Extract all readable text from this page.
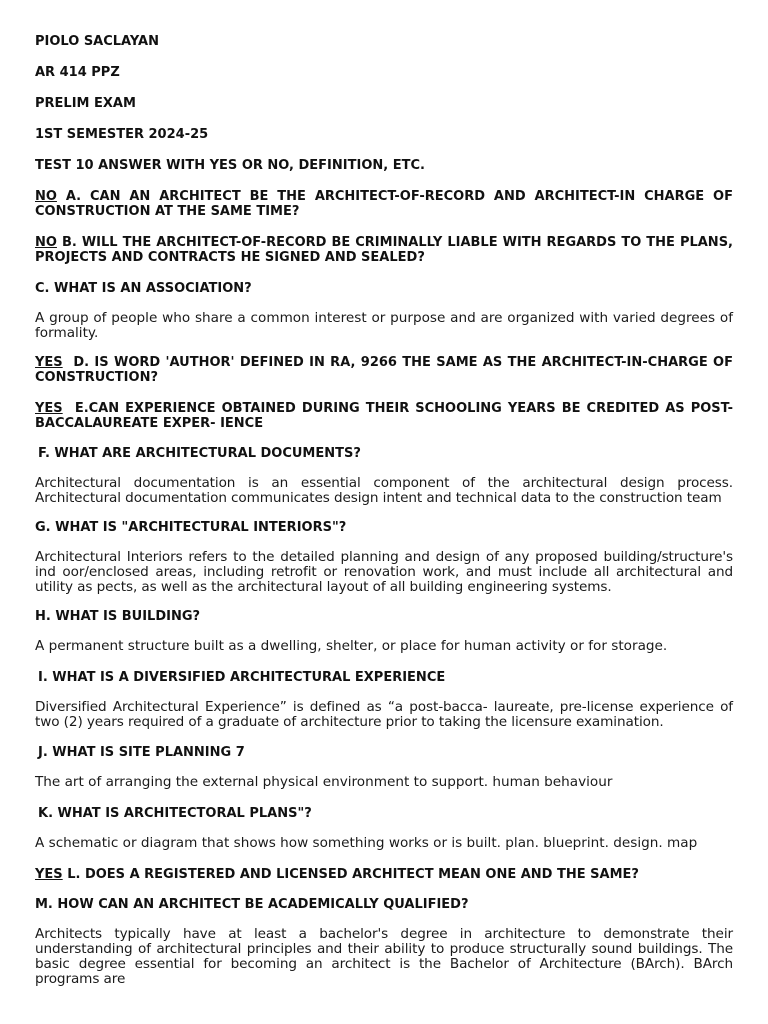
PIOLO SACLAYAN

AR 414 PPZ

PRELIM EXAM

1ST SEMESTER 2024-25

TEST 10 ANSWER WITH YES OR NO, DEFINITION, ETC.

NO A. CAN AN ARCHITECT BE THE ARCHITECT-OF-RECORD AND ARCHITECT-IN CHARGE OF CONSTRUCTION AT THE SAME TIME?

NO B. WILL THE ARCHITECT-OF-RECORD BE CRIMINALLY LIABLE WITH REGARDS TO THE PLANS, PROJECTS AND CONTRACTS HE SIGNED AND SEALED?

C. WHAT IS AN ASSOCIATION?

A group of people who share a common interest or purpose and are organized with varied degrees of formality.

YES D. IS WORD 'AUTHOR' DEFINED IN RA, 9266 THE SAME AS THE ARCHITECT-IN-CHARGE OF CONSTRUCTION?

YES E.CAN EXPERIENCE OBTAINED DURING THEIR SCHOOLING YEARS BE CREDITED AS POST-BACCALAUREATE EXPER- IENCE

F. WHAT ARE ARCHITECTURAL DOCUMENTS?

Architectural documentation is an essential component of the architectural design process. Architectural documentation communicates design intent and technical data to the construction team

G. WHAT IS "ARCHITECTURAL INTERIORS"?

Architectural Interiors refers to the detailed planning and design of any proposed building/structure's ind oor/enclosed areas, including retrofit or renovation work, and must include all architectural and utility as pects, as well as the architectural layout of all building engineering systems.

H. WHAT IS BUILDING?

A permanent structure built as a dwelling, shelter, or place for human activity or for storage.

I. WHAT IS A DIVERSIFIED ARCHITECTURAL EXPERIENCE

Diversified Architectural Experience” is defined as “a post-bacca- laureate, pre-license experience of two (2) years required of a graduate of architecture prior to taking the licensure examination.

J. WHAT IS SITE PLANNING 7

The art of arranging the external physical environment to support. human behaviour

K. WHAT IS ARCHITECTORAL PLANS"?

A schematic or diagram that shows how something works or is built. plan. blueprint. design. map

YES L. DOES A REGISTERED AND LICENSED ARCHITECT MEAN ONE AND THE SAME?

M. HOW CAN AN ARCHITECT BE ACADEMICALLY QUALIFIED?

Architects typically have at least a bachelor's degree in architecture to demonstrate their understanding of architectural principles and their ability to produce structurally sound buildings. The basic degree essential for becoming an architect is the Bachelor of Architecture (BArch). BArch programs are
